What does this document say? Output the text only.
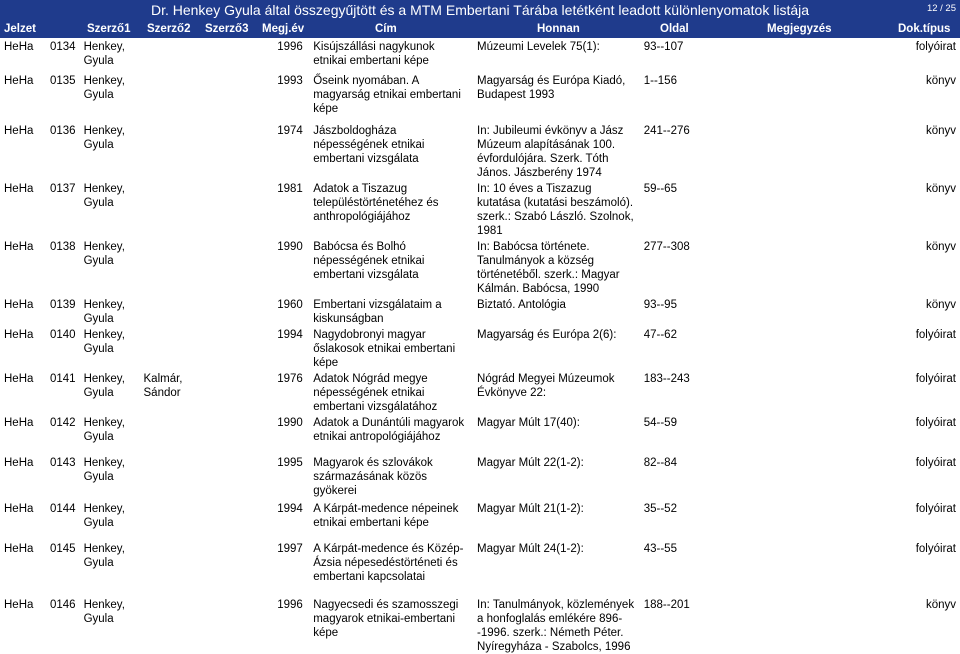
Dr. Henkey Gyula által összegyűjtött és a MTM Embertani Tárába letétként leadott különlenyomatok listája	12 / 25
Jelzet	Szerző1 Szerző2 Szerző3 Megj.év	Cím	Honnan	Oldal	Megjegyzés	Dok.típus
HeHa	0134	Henkey, Gyula			1996	Kisújszállási nagykunok etnikai embertani képe	Múzeumi Levelek 75(1):	93--107		folyóirat
HeHa	0135	Henkey, Gyula			1993	Őseink nyomában. A magyarság etnikai embertani képe	Magyarság és Európa Kiadó, Budapest 1993	1--156		könyv
HeHa	0136	Henkey, Gyula			1974	Jászboldogháza népességének etnikai embertani vizsgálata	In: Jubileumi évkönyv a Jász Múzeum alapításának 100. évfordulójára. Szerk. Tóth János. Jászberény 1974	241--276		könyv
HeHa	0137	Henkey, Gyula			1981	Adatok a Tiszazug településtörténetéhez és anthropológiájához	In: 10 éves a Tiszazug kutatása (kutatási beszámoló). szerk.: Szabó László. Szolnok, 1981	59--65		könyv
HeHa	0138	Henkey, Gyula			1990	Babócsa és Bolhó népességének etnikai embertani vizsgálata	In: Babócsa története. Tanulmányok a község történetéből. szerk.: Magyar Kálmán. Babócsa, 1990	277--308		könyv
HeHa	0139	Henkey, Gyula			1960	Embertani vizsgálataim a kiskunságban	Biztató. Antológia	93--95		könyv
HeHa	0140	Henkey, Gyula			1994	Nagydobronyi magyar őslakosok etnikai embertani képe	Magyarság és Európa 2(6):	47--62		folyóirat
HeHa	0141	Henkey, Gyula	Kalmár, Sándor		1976	Adatok Nógrád megye népességének etnikai embertani vizsgálatához	Nógrád Megyei Múzeumok Évkönyve 22:	183--243		folyóirat
HeHa	0142	Henkey, Gyula			1990	Adatok a Dunántúli magyarok etnikai antropológiájához	Magyar Múlt 17(40):	54--59		folyóirat
HeHa	0143	Henkey, Gyula			1995	Magyarok és szlovákok származásának közös gyökerei	Magyar Múlt 22(1-2):	82--84		folyóirat
HeHa	0144	Henkey, Gyula			1994	A Kárpát-medence népeinek etnikai embertani képe	Magyar Múlt 21(1-2):	35--52		folyóirat
HeHa	0145	Henkey, Gyula			1997	A Kárpát-medence és Közép-Ázsia népesedéstörténeti és embertani kapcsolatai	Magyar Múlt 24(1-2):	43--55		folyóirat
HeHa	0146	Henkey, Gyula			1996	Nagyecsedi és szamosszegi magyarok etnikai-embertani képe	In: Tanulmányok, közlemények a honfoglalás emlékére 896--1996. szerk.: Németh Péter. Nyíregyháza - Szabolcs, 1996	188--201		könyv
